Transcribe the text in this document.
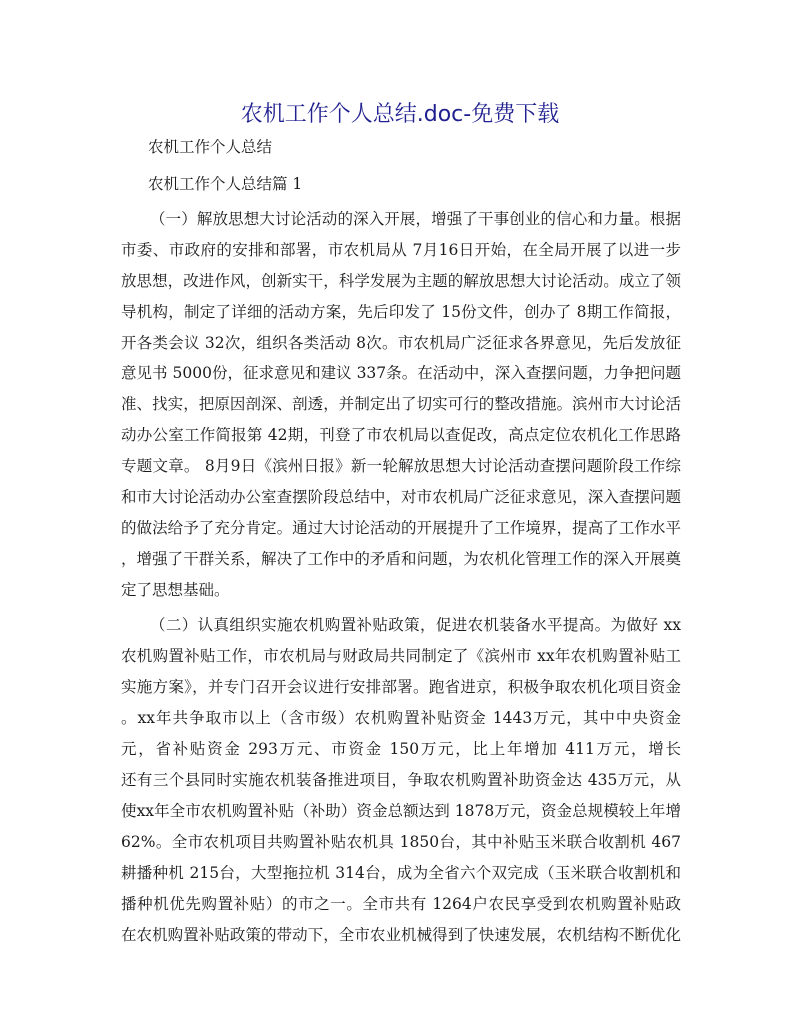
农机工作个人总结.doc-免费下载
农机工作个人总结
农机工作个人总结篇 1
（一）解放思想大讨论活动的深入开展，增强了干事创业的信心和力量。根据
市委、市政府的安排和部署，市农机局从 7月16日开始，在全局开展了以进一步
放思想，改进作风，创新实干，科学发展为主题的解放思想大讨论活动。成立了领
导机构，制定了详细的活动方案，先后印发了 15份文件，创办了 8期工作简报，
开各类会议 32次，组织各类活动 8次。市农机局广泛征求各界意见，先后发放征
意见书 5000份，征求意见和建议 337条。在活动中，深入查摆问题，力争把问题
准、找实，把原因剖深、剖透，并制定出了切实可行的整改措施。滨州市大讨论活
动办公室工作简报第 42期，刊登了市农机局以查促改，高点定位农机化工作思路
专题文章。 8月9日《滨州日报》新一轮解放思想大讨论活动查摆问题阶段工作综
和市大讨论活动办公室查摆阶段总结中，对市农机局广泛征求意见，深入查摆问题
的做法给予了充分肯定。通过大讨论活动的开展提升了工作境界，提高了工作水平
，增强了干群关系，解决了工作中的矛盾和问题，为农机化管理工作的深入开展奠
定了思想基础。
（二）认真组织实施农机购置补贴政策，促进农机装备水平提高。为做好 xx
农机购置补贴工作，市农机局与财政局共同制定了《滨州市 xx年农机购置补贴工
实施方案》，并专门召开会议进行安排部署。跑省进京，积极争取农机化项目资金
。xx年共争取市以上（含市级）农机购置补贴资金 1443万元，其中中央资金
元，省补贴资金 293万元、市资金 150万元，比上年增加 411万元，增长
还有三个县同时实施农机装备推进项目，争取农机购置补助资金达 435万元，从
使xx年全市农机购置补贴（补助）资金总额达到 1878万元，资金总规模较上年增
62%。全市农机项目共购置补贴农机具 1850台，其中补贴玉米联合收割机 467
耕播种机 215台，大型拖拉机 314台，成为全省六个双完成（玉米联合收割机和
播种机优先购置补贴）的市之一。全市共有 1264户农民享受到农机购置补贴政
在农机购置补贴政策的带动下，全市农业机械得到了快速发展，农机结构不断优化
